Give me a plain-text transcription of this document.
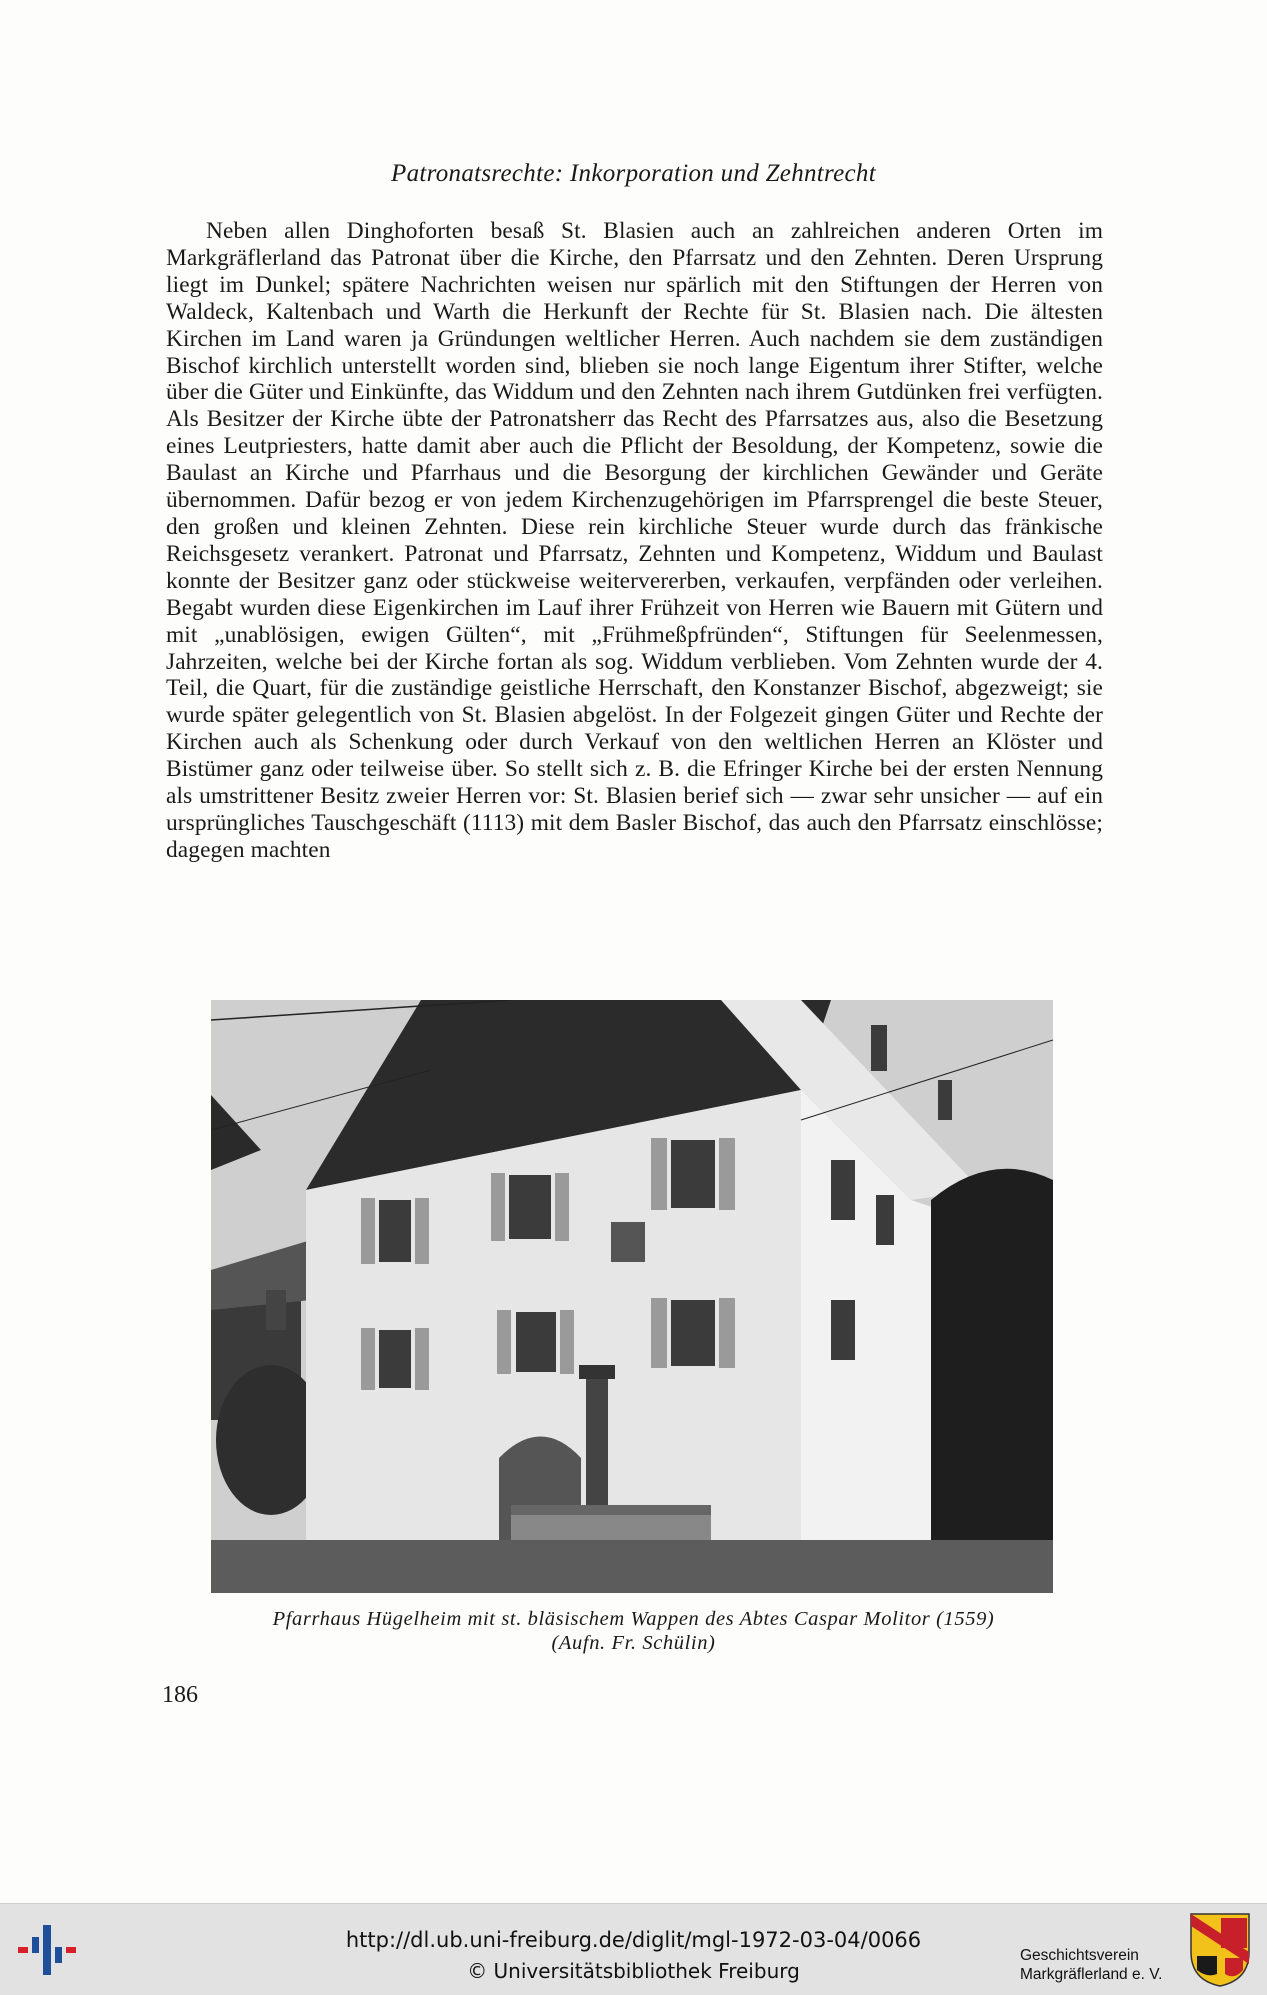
Patronatsrechte: Inkorporation und Zehntrecht
Neben allen Dinghoforten besaß St. Blasien auch an zahlreichen anderen Orten im Markgräflerland das Patronat über die Kirche, den Pfarrsatz und den Zehnten. Deren Ursprung liegt im Dunkel; spätere Nachrichten weisen nur spärlich mit den Stiftungen der Herren von Waldeck, Kaltenbach und Warth die Herkunft der Rechte für St. Blasien nach. Die ältesten Kirchen im Land waren ja Gründungen weltlicher Herren. Auch nachdem sie dem zuständigen Bischof kirchlich unterstellt worden sind, blieben sie noch lange Eigentum ihrer Stifter, welche über die Güter und Einkünfte, das Widdum und den Zehnten nach ihrem Gutdünken frei verfügten. Als Besitzer der Kirche übte der Patronatsherr das Recht des Pfarrsatzes aus, also die Besetzung eines Leutpriesters, hatte damit aber auch die Pflicht der Besoldung, der Kompetenz, sowie die Baulast an Kirche und Pfarrhaus und die Besorgung der kirchlichen Gewänder und Geräte übernommen. Dafür bezog er von jedem Kirchenzugehörigen im Pfarrsprengel die beste Steuer, den großen und kleinen Zehnten. Diese rein kirchliche Steuer wurde durch das fränkische Reichsgesetz verankert. Patronat und Pfarrsatz, Zehnten und Kompetenz, Widdum und Baulast konnte der Besitzer ganz oder stückweise weitervererben, verkaufen, verpfänden oder verleihen. Begabt wurden diese Eigenkirchen im Lauf ihrer Frühzeit von Herren wie Bauern mit Gütern und mit „unablösigen, ewigen Gülten“, mit „Frühmeßpfründen“, Stiftungen für Seelenmessen, Jahrzeiten, welche bei der Kirche fortan als sog. Widdum verblieben. Vom Zehnten wurde der 4. Teil, die Quart, für die zuständige geistliche Herrschaft, den Konstanzer Bischof, abgezweigt; sie wurde später gelegentlich von St. Blasien abgelöst. In der Folgezeit gingen Güter und Rechte der Kirchen auch als Schenkung oder durch Verkauf von den weltlichen Herren an Klöster und Bistümer ganz oder teilweise über. So stellt sich z. B. die Efringer Kirche bei der ersten Nennung als umstrittener Besitz zweier Herren vor: St. Blasien berief sich — zwar sehr unsicher — auf ein ursprüngliches Tauschgeschäft (1113) mit dem Basler Bischof, das auch den Pfarrsatz einschlösse; dagegen machten
Pfarrhaus Hügelheim mit st. bläsischem Wappen des Abtes Caspar Molitor (1559)
(Aufn. Fr. Schülin)
186
http://dl.ub.uni-freiburg.de/diglit/mgl-1972-03-04/0066
© Universitätsbibliothek Freiburg
Geschichtsverein
Markgräflerland e. V.
